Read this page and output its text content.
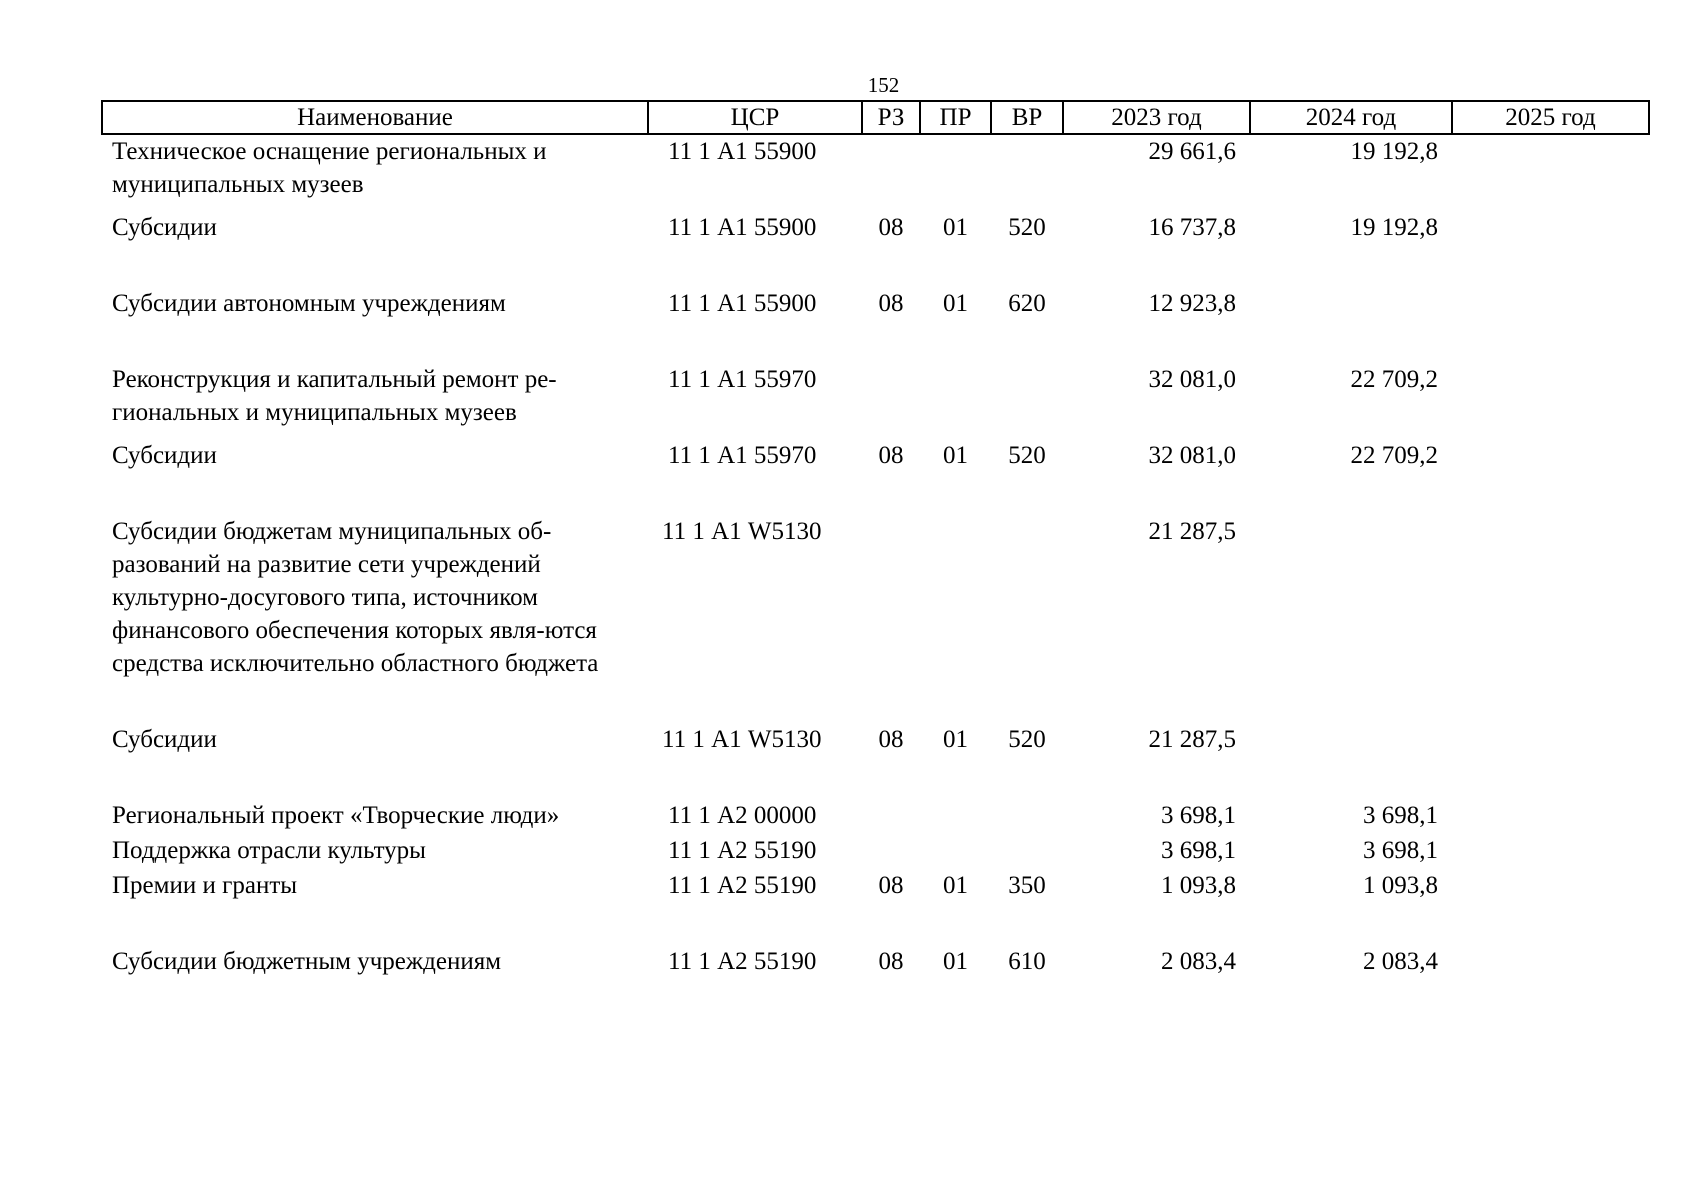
152
Наименование	ЦСР	РЗ	ПР	ВР	2023 год	2024 год	2025 год
Техническое оснащение региональных и муниципальных музеев	11 1 А1 55900				29 661,6	19 192,8	
Субсидии	11 1 А1 55900	08	01	520	16 737,8	19 192,8	
Субсидии автономным учреждениям	11 1 А1 55900	08	01	620	12 923,8		
Реконструкция и капитальный ремонт ре-гиональных и муниципальных музеев	11 1 А1 55970				32 081,0	22 709,2	
Субсидии	11 1 А1 55970	08	01	520	32 081,0	22 709,2	
Субсидии бюджетам муниципальных об-разований на развитие сети учреждений культурно-досугового типа, источником финансового обеспечения которых явля-ются средства исключительно областного бюджета	11 1 А1 W5130				21 287,5		
Субсидии	11 1 А1 W5130	08	01	520	21 287,5		
Региональный проект «Творческие люди»	11 1 А2 00000				3 698,1	3 698,1	
Поддержка отрасли культуры	11 1 А2 55190				3 698,1	3 698,1	
Премии и гранты	11 1 А2 55190	08	01	350	1 093,8	1 093,8	
Субсидии бюджетным учреждениям	11 1 А2 55190	08	01	610	2 083,4	2 083,4	
